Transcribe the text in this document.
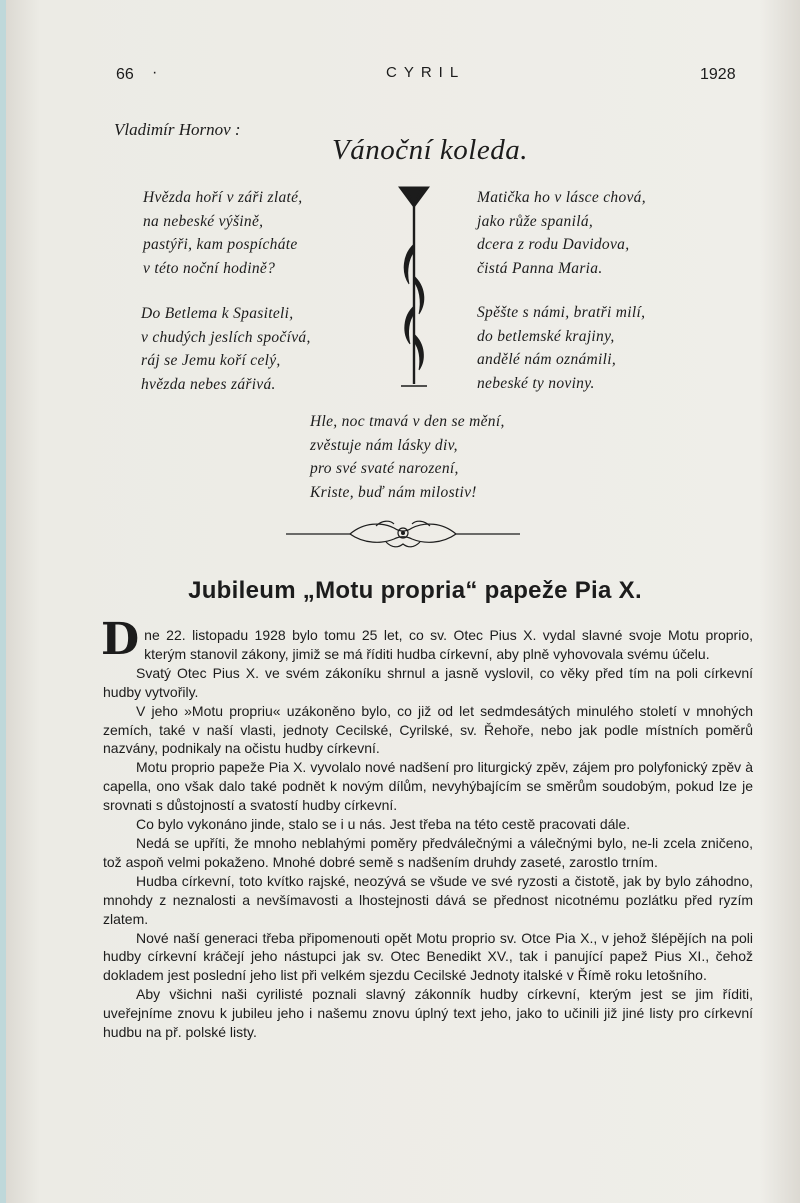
66 ·	CYRIL	1928
Vladimír Hornov :
Vánoční koleda.
Hvězda hoří v záři zlaté,
na nebeské výšině,
pastýři, kam pospícháte
v této noční hodině?
Do Betlema k Spasiteli,
v chudých jeslích spočívá,
ráj se Jemu koří celý,
hvězda nebes zářivá.
Matička ho v lásce chová,
jako růže spanilá,
dcera z rodu Davidova,
čistá Panna Maria.
Spěšte s námi, bratři milí,
do betlemské krajiny,
andělé nám oznámili,
nebeské ty noviny.
Hle, noc tmavá v den se mění,
zvěstuje nám lásky div,
pro své svaté narození,
Kriste, buď nám milostiv!
Jubileum „Motu propria“ papeže Pia X.

Dne 22. listopadu 1928 bylo tomu 25 let, co sv. Otec Pius X. vydal slavné svoje Motu proprio, kterým stanovil zákony, jimiž se má říditi hudba církevní, aby plně vyhovovala svému účelu.

Svatý Otec Pius X. ve svém zákoníku shrnul a jasně vyslovil, co věky před tím na poli církevní hudby vytvořily.

V jeho »Motu propriu« uzákoněno bylo, co již od let sedmdesátých minulého století v mnohých zemích, také v naší vlasti, jednoty Cecilské, Cyrilské, sv. Řehoře, nebo jak podle místních poměrů nazvány, podnikaly na očistu hudby církevní.

Motu proprio papeže Pia X. vyvolalo nové nadšení pro liturgický zpěv, zájem pro polyfonický zpěv à capella, ono však dalo také podnět k novým dílům, nevyhýbajícím se směrům soudobým, pokud lze je srovnati s důstojností a svatostí hudby církevní.

Co bylo vykonáno jinde, stalo se i u nás. Jest třeba na této cestě pracovati dále.

Nedá se upříti, že mnoho neblahými poměry předválečnými a válečnými bylo, ne-li zcela zničeno, tož aspoň velmi pokaženo. Mnohé dobré semě s nadšením druhdy zaseté, zarostlo trním.

Hudba církevní, toto kvítko rajské, neozývá se všude ve své ryzosti a čistotě, jak by bylo záhodno, mnohdy z neznalosti a nevšímavosti a lhostejnosti dává se přednost nicotnému pozlátku před ryzím zlatem.

Nové naší generaci třeba připomenouti opět Motu proprio sv. Otce Pia X., v jehož šlépějích na poli hudby církevní kráčejí jeho nástupci jak sv. Otec Benedikt XV., tak i panující papež Pius XI., čehož dokladem jest poslední jeho list při velkém sjezdu Cecilské Jednoty italské v Římě roku letošního.

Aby všichni naši cyrilisté poznali slavný zákonník hudby církevní, kterým jest se jim říditi, uveřejníme znovu k jubileu jeho i našemu znovu úplný text jeho, jako to učinili již jiné listy pro církevní hudbu na př. polské listy.
